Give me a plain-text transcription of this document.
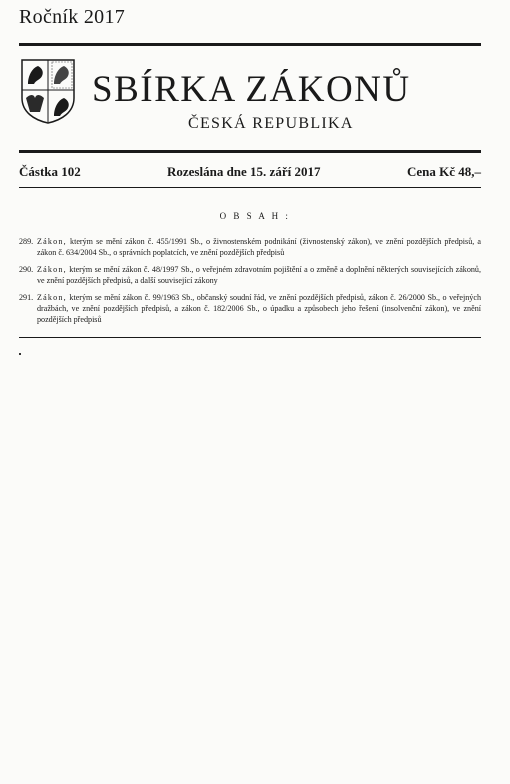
Ročník 2017
SBÍRKA ZÁKONŮ
ČESKÁ REPUBLIKA
Částka 102	Rozeslána dne 15. září 2017	Cena Kč 48,–
O B S A H :
289. Zákon, kterým se mění zákon č. 455/1991 Sb., o živnostenském podnikání (živnostenský zákon), ve znění pozdějších předpisů, a zákon č. 634/2004 Sb., o správních poplatcích, ve znění pozdějších předpisů
290. Zákon, kterým se mění zákon č. 48/1997 Sb., o veřejném zdravotním pojištění a o změně a doplnění některých souvisejících zákonů, ve znění pozdějších předpisů, a další související zákony
291. Zákon, kterým se mění zákon č. 99/1963 Sb., občanský soudní řád, ve znění pozdějších předpisů, zákon č. 26/2000 Sb., o veřejných dražbách, ve znění pozdějších předpisů, a zákon č. 182/2006 Sb., o úpadku a způsobech jeho řešení (insolvenční zákon), ve znění pozdějších předpisů
